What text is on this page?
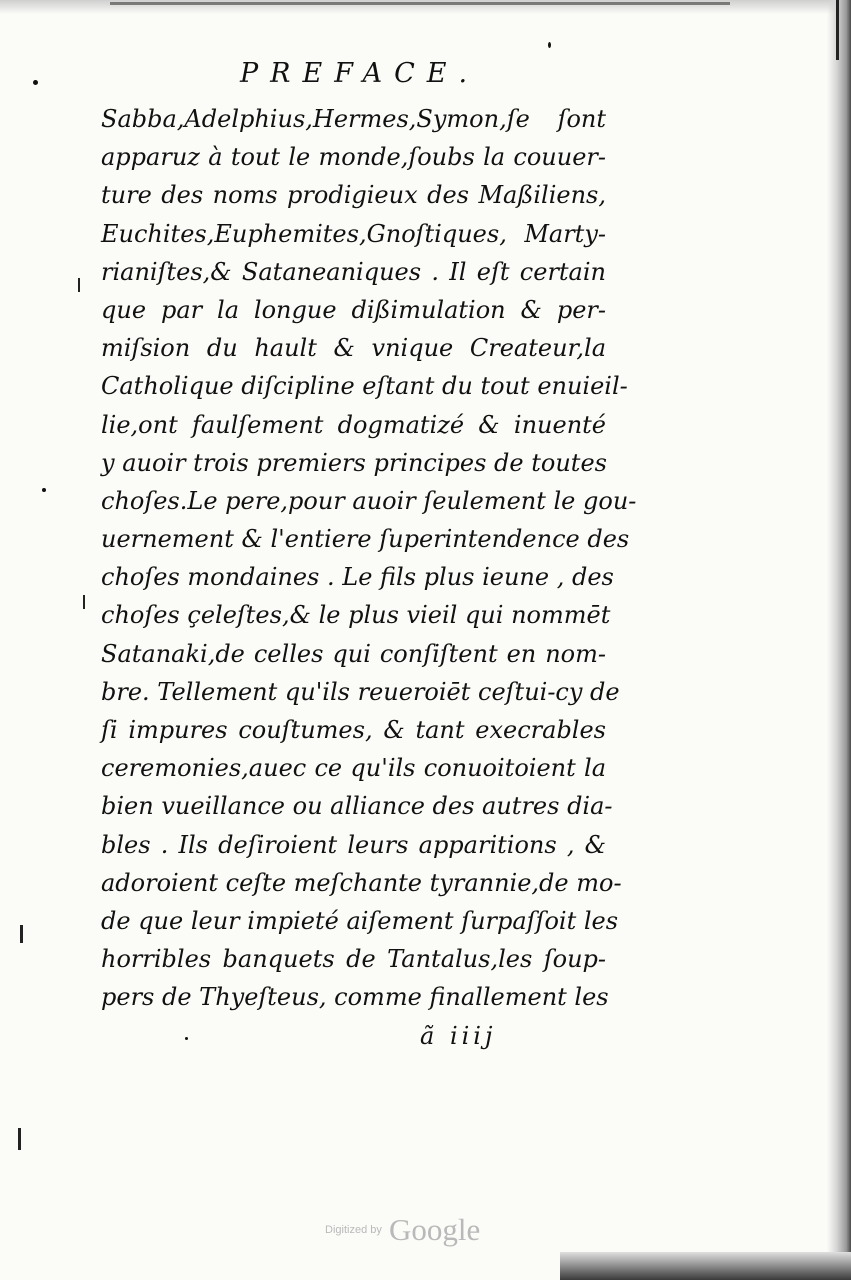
PREFACE.
Sabba,Adelphius,Hermes,Symon,ſe ſont
apparuz à tout le monde,ſoubs la couuer-
ture des noms prodigieux des Maßiliens,
Euchites,Euphemites,Gnoſtiques, Marty-
rianiſtes,& Sataneaniques . Il eſt certain
que par la longue dißimulation & per-
miſsion du hault & vnique Createur,la
Catholique diſcipline eſtant du tout enuieil-
lie,ont faulſement dogmatizé & inuenté
y auoir trois premiers principes de toutes
choſes.Le pere,pour auoir ſeulement le gou-
uernement & l'entiere ſuperintendence des
choſes mondaines . Le fils plus ieune , des
choſes çeleſtes,& le plus vieil qui nommēt
Satanaki,de celles qui conſiſtent en nom-
bre. Tellement qu'ils reueroiēt ceſtui-cy de
ſi impures couſtumes, & tant execrables
ceremonies,auec ce qu'ils conuoitoient la
bien vueillance ou alliance des autres dia-
bles . Ils deſiroient leurs apparitions , &
adoroient ceſte meſchante tyrannie,de mo-
de que leur impieté aiſement ſurpaſſoit les
horribles banquets de Tantalus,les ſoup-
pers de Thyeſteus, comme finallement les
ã iiij
Digitized by Google
